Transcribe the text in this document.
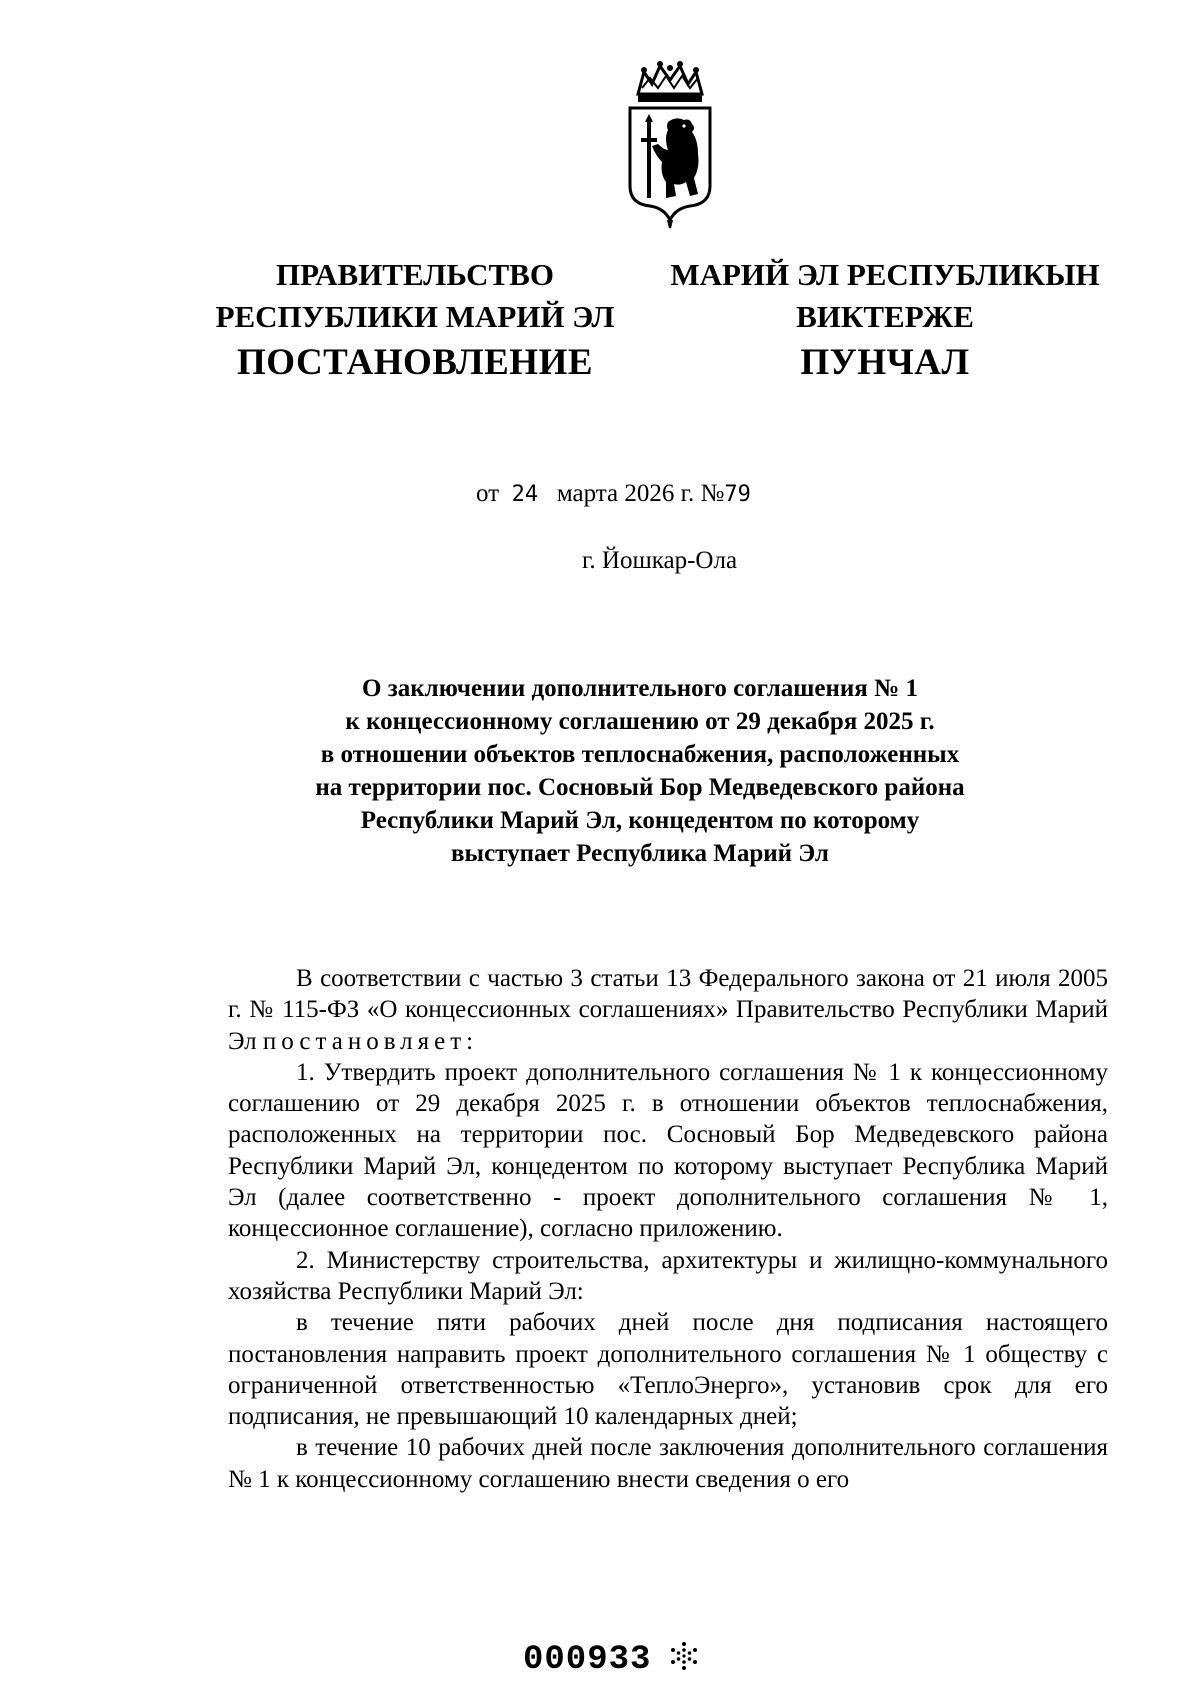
ПРАВИТЕЛЬСТВО
РЕСПУБЛИКИ МАРИЙ ЭЛ

МАРИЙ ЭЛ РЕСПУБЛИКЫН
ВИКТЕРЖЕ

ПОСТАНОВЛЕНИЕ	ПУНЧАЛ

от 24 марта 2026 г. №79
г. Йошкар-Ола
О заключении дополнительного соглашения № 1
к концессионному соглашению от 29 декабря 2025 г.
в отношении объектов теплоснабжения, расположенных
на территории пос. Сосновый Бор Медведевского района
Республики Марий Эл, концедентом по которому
выступает Республика Марий Эл

В соответствии с частью 3 статьи 13 Федерального закона от 21 июля 2005 г. № 115-ФЗ «О концессионных соглашениях» Правительство Республики Марий Эл постановляет:

1. Утвердить проект дополнительного соглашения № 1 к концессионному соглашению от 29 декабря 2025 г. в отношении объектов теплоснабжения, расположенных на территории пос. Сосновый Бор Медведевского района Республики Марий Эл, концедентом по которому выступает Республика Марий Эл (далее соответственно - проект дополнительного соглашения № 1, концессионное соглашение), согласно приложению.

2. Министерству строительства, архитектуры и жилищно-коммунального хозяйства Республики Марий Эл:

в течение пяти рабочих дней после дня подписания настоящего постановления направить проект дополнительного соглашения № 1 обществу с ограниченной ответственностью «ТеплоЭнерго», установив срок для его подписания, не превышающий 10 календарных дней;

в течение 10 рабочих дней после заключения дополнительного соглашения № 1 к концессионному соглашению внести сведения о его

000933
